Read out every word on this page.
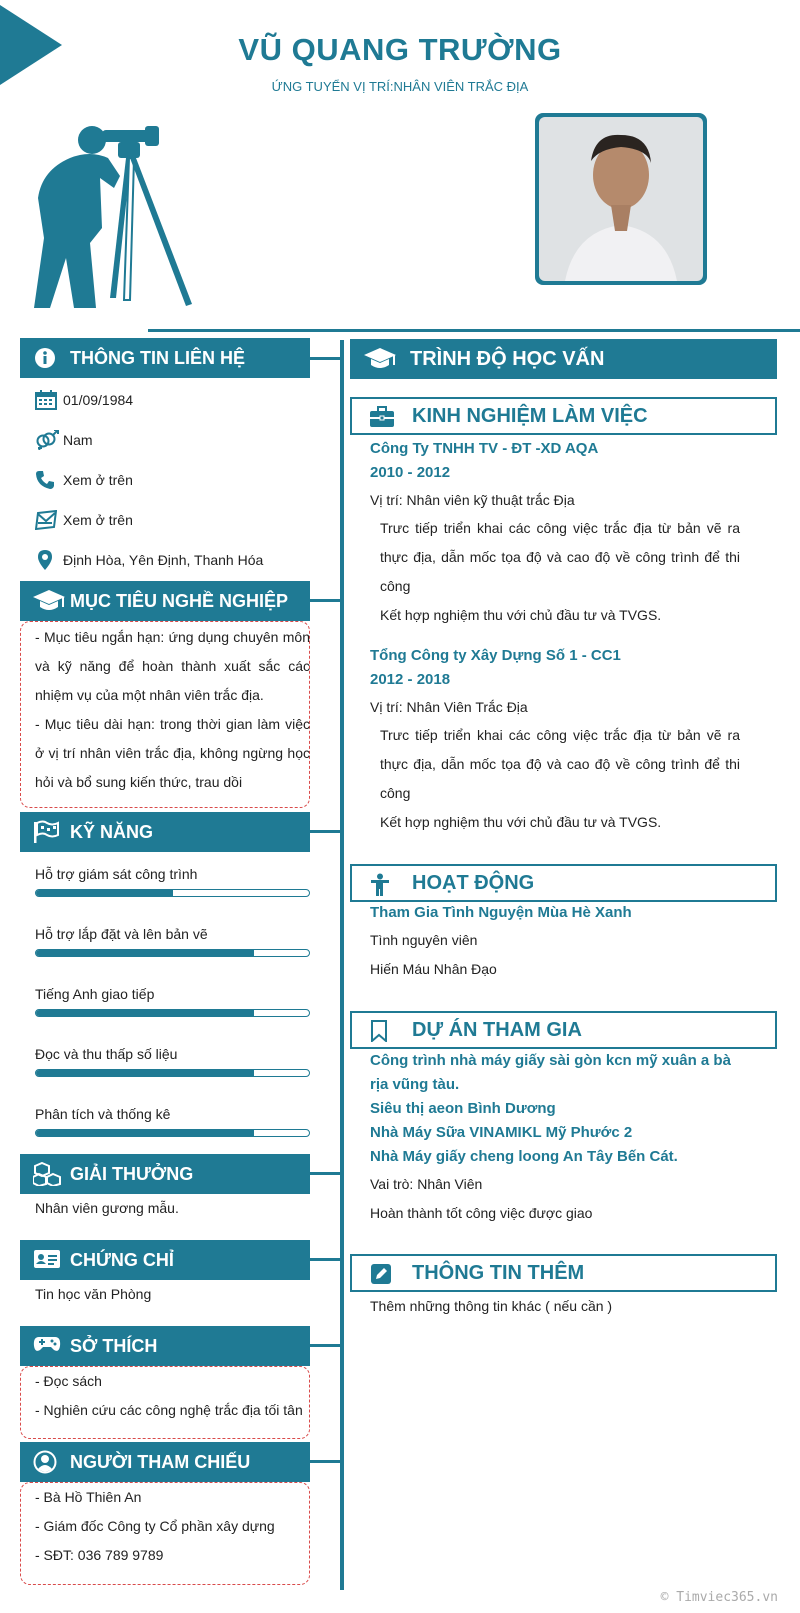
VŨ QUANG TRƯỜNG
ỨNG TUYỂN VỊ TRÍ:NHÂN VIÊN TRẮC ĐỊA
THÔNG TIN LIÊN HỆ
01/09/1984
Nam
Xem ở trên
Xem ở trên
Định Hòa, Yên Định, Thanh Hóa
MỤC TIÊU NGHỀ NGHIỆP
- Mục tiêu ngắn hạn: ứng dụng chuyên môn và kỹ năng để hoàn thành xuất sắc các nhiệm vụ của một nhân viên trắc địa.
- Mục tiêu dài hạn: trong thời gian làm việc ở vị trí nhân viên trắc địa, không ngừng học hỏi và bổ sung kiến thức, trau dồi
KỸ NĂNG
Hỗ trợ giám sát công trình
Hỗ trợ lắp đặt và lên bản vẽ
Tiếng Anh giao tiếp
Đọc và thu thấp số liệu
Phân tích và thống kê
GIẢI THƯỞNG
Nhân viên gương mẫu.
CHỨNG CHỈ
Tin học văn Phòng
SỞ THÍCH
- Đọc sách
- Nghiên cứu các công nghệ trắc địa tối tân
NGƯỜI THAM CHIẾU
- Bà Hồ Thiên An
- Giám đốc Công ty Cổ phần xây dựng
- SĐT: 036 789 9789
TRÌNH ĐỘ HỌC VẤN
KINH NGHIỆM LÀM VIỆC
Công Ty TNHH TV - ĐT -XD AQA
2010 - 2012
Vị trí: Nhân viên kỹ thuật trắc Địa
Trưc tiếp triển khai các công việc trắc địa từ bản vẽ ra thực địa, dẫn mốc tọa độ và cao độ về công trình để thi công
Kết hợp nghiệm thu với chủ đầu tư và TVGS.
Tổng Công ty Xây Dựng Số 1 - CC1
2012 - 2018
Vị trí: Nhân Viên Trắc Địa
Trưc tiếp triển khai các công việc trắc địa từ bản vẽ ra thực địa, dẫn mốc tọa độ và cao độ về công trình để thi công
Kết hợp nghiệm thu với chủ đầu tư và TVGS.
HOẠT ĐỘNG
Tham Gia Tình Nguyện Mùa Hè Xanh
Tình nguyên viên
Hiến Máu Nhân Đạo
DỰ ÁN THAM GIA
Công trình nhà máy giấy sài gòn kcn mỹ xuân a bà
rịa vũng tàu.
Siêu thị aeon Bình Dương
Nhà Máy Sữa VINAMIKL Mỹ Phước 2
Nhà Máy giấy cheng loong An Tây Bến Cát.
Vai trò: Nhân Viên
Hoàn thành tốt công việc được giao
THÔNG TIN THÊM
Thêm những thông tin khác ( nếu cần )
© Timviec365.vn
